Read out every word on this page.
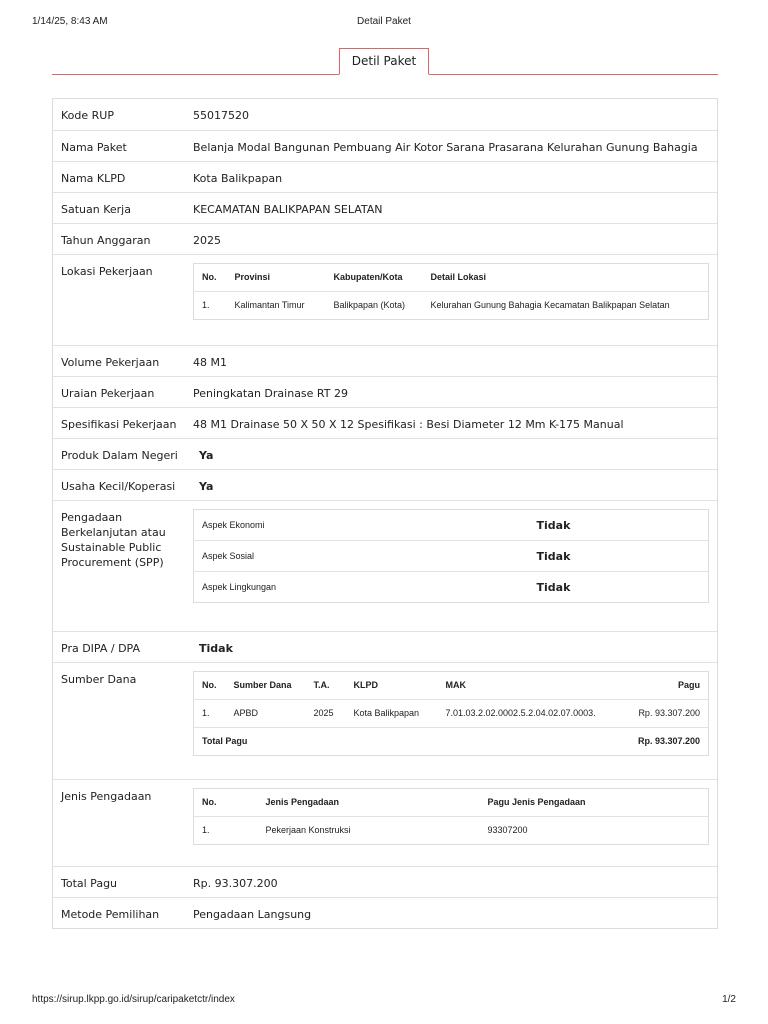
1/14/25, 8:43 AM	Detail Paket
Detil Paket
Kode RUP	55017520
Nama Paket	Belanja Modal Bangunan Pembuang Air Kotor Sarana Prasarana Kelurahan Gunung Bahagia
Nama KLPD	Kota Balikpapan
Satuan Kerja	KECAMATAN BALIKPAPAN SELATAN
Tahun Anggaran	2025
Lokasi Pekerjaan	No.	Provinsi	Kabupaten/Kota	Detail Lokasi
1.	Kalimantan Timur	Balikpapan (Kota)	Kelurahan Gunung Bahagia Kecamatan Balikpapan Selatan
Volume Pekerjaan	48 M1
Uraian Pekerjaan	Peningkatan Drainase RT 29
Spesifikasi Pekerjaan	48 M1 Drainase 50 X 50 X 12 Spesifikasi : Besi Diameter 12 Mm K-175 Manual
Produk Dalam Negeri	Ya
Usaha Kecil/Koperasi	Ya
Pengadaan Berkelanjutan atau Sustainable Public Procurement (SPP)
Aspek Ekonomi	Tidak
Aspek Sosial	Tidak
Aspek Lingkungan	Tidak
Pra DIPA / DPA	Tidak
Sumber Dana	No.	Sumber Dana	T.A.	KLPD	MAK	Pagu
1.	APBD	2025	Kota Balikpapan	7.01.03.2.02.0002.5.2.04.02.07.0003.	Rp. 93.307.200
Total Pagu					Rp. 93.307.200
Jenis Pengadaan	No.	Jenis Pengadaan	Pagu Jenis Pengadaan
1.	Pekerjaan Konstruksi	93307200
Total Pagu	Rp. 93.307.200
Metode Pemilihan	Pengadaan Langsung
https://sirup.lkpp.go.id/sirup/caripaketctr/index	1/2
